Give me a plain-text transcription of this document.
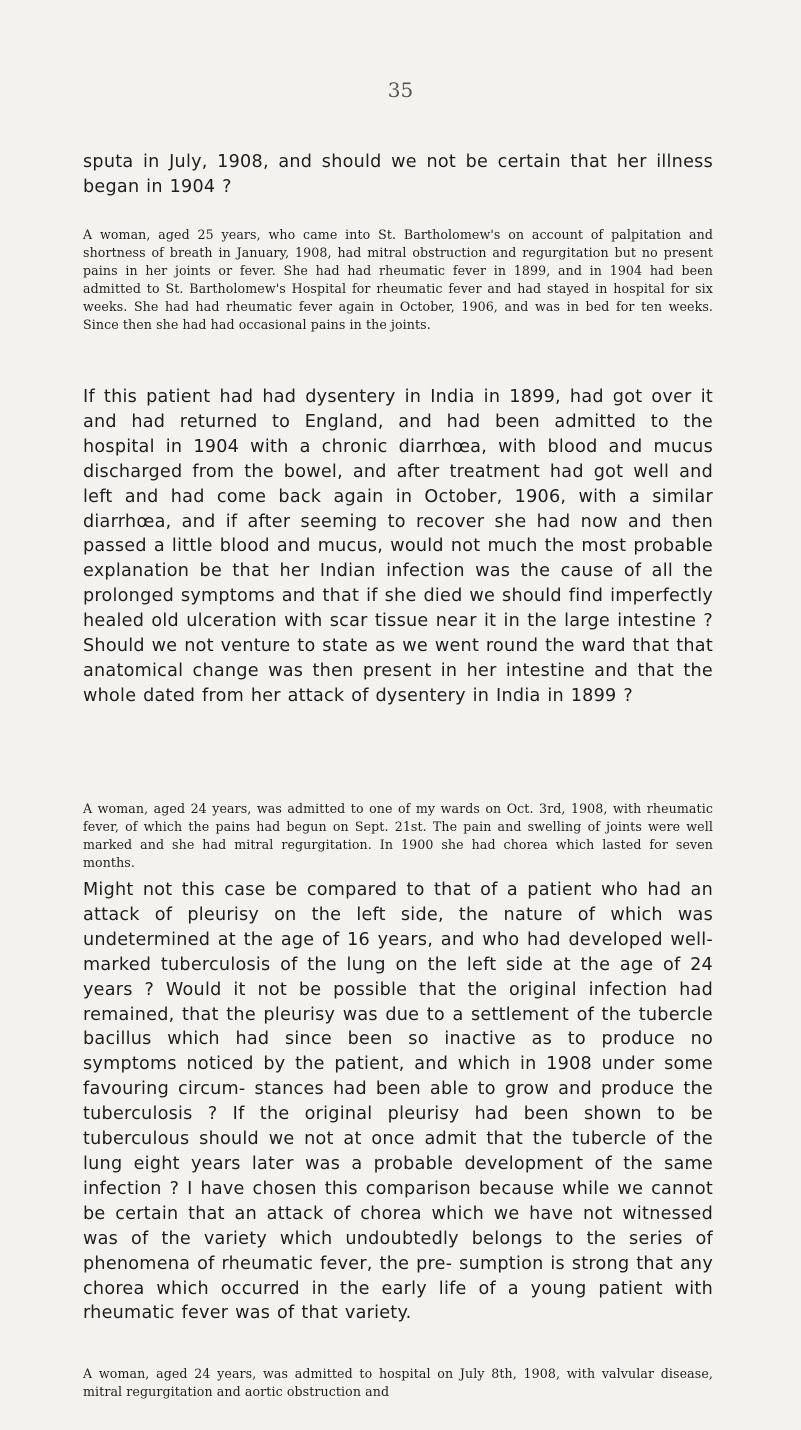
35

sputa in July, 1908, and should we not be certain that her illness began in 1904 ?

A woman, aged 25 years, who came into St. Bartholomew's on account of palpitation and shortness of breath in January, 1908, had mitral obstruction and regurgitation but no present pains in her joints or fever. She had had rheumatic fever in 1899, and in 1904 had been admitted to St. Bartholomew's Hospital for rheumatic fever and had stayed in hospital for six weeks. She had had rheumatic fever again in October, 1906, and was in bed for ten weeks. Since then she had had occasional pains in the joints.

If this patient had had dysentery in India in 1899, had got over it and had returned to England, and had been admitted to the hospital in 1904 with a chronic diarrhœa, with blood and mucus discharged from the bowel, and after treatment had got well and left and had come back again in October, 1906, with a similar diarrhœa, and if after seeming to recover she had now and then passed a little blood and mucus, would not much the most probable explanation be that her Indian infection was the cause of all the prolonged symptoms and that if she died we should find imperfectly healed old ulceration with scar tissue near it in the large intestine ? Should we not venture to state as we went round the ward that that anatomical change was then present in her intestine and that the whole dated from her attack of dysentery in India in 1899 ?

A woman, aged 24 years, was admitted to one of my wards on Oct. 3rd, 1908, with rheumatic fever, of which the pains had begun on Sept. 21st. The pain and swelling of joints were well marked and she had mitral regurgitation. In 1900 she had chorea which lasted for seven months.

Might not this case be compared to that of a patient who had an attack of pleurisy on the left side, the nature of which was undetermined at the age of 16 years, and who had developed well-marked tuberculosis of the lung on the left side at the age of 24 years ? Would it not be possible that the original infection had remained, that the pleurisy was due to a settlement of the tubercle bacillus which had since been so inactive as to produce no symptoms noticed by the patient, and which in 1908 under some favouring circum- stances had been able to grow and produce the tuberculosis ? If the original pleurisy had been shown to be tuberculous should we not at once admit that the tubercle of the lung eight years later was a probable development of the same infection ? I have chosen this comparison because while we cannot be certain that an attack of chorea which we have not witnessed was of the variety which undoubtedly belongs to the series of phenomena of rheumatic fever, the pre- sumption is strong that any chorea which occurred in the early life of a young patient with rheumatic fever was of that variety.

A woman, aged 24 years, was admitted to hospital on July 8th, 1908, with valvular disease, mitral regurgitation and aortic obstruction and
